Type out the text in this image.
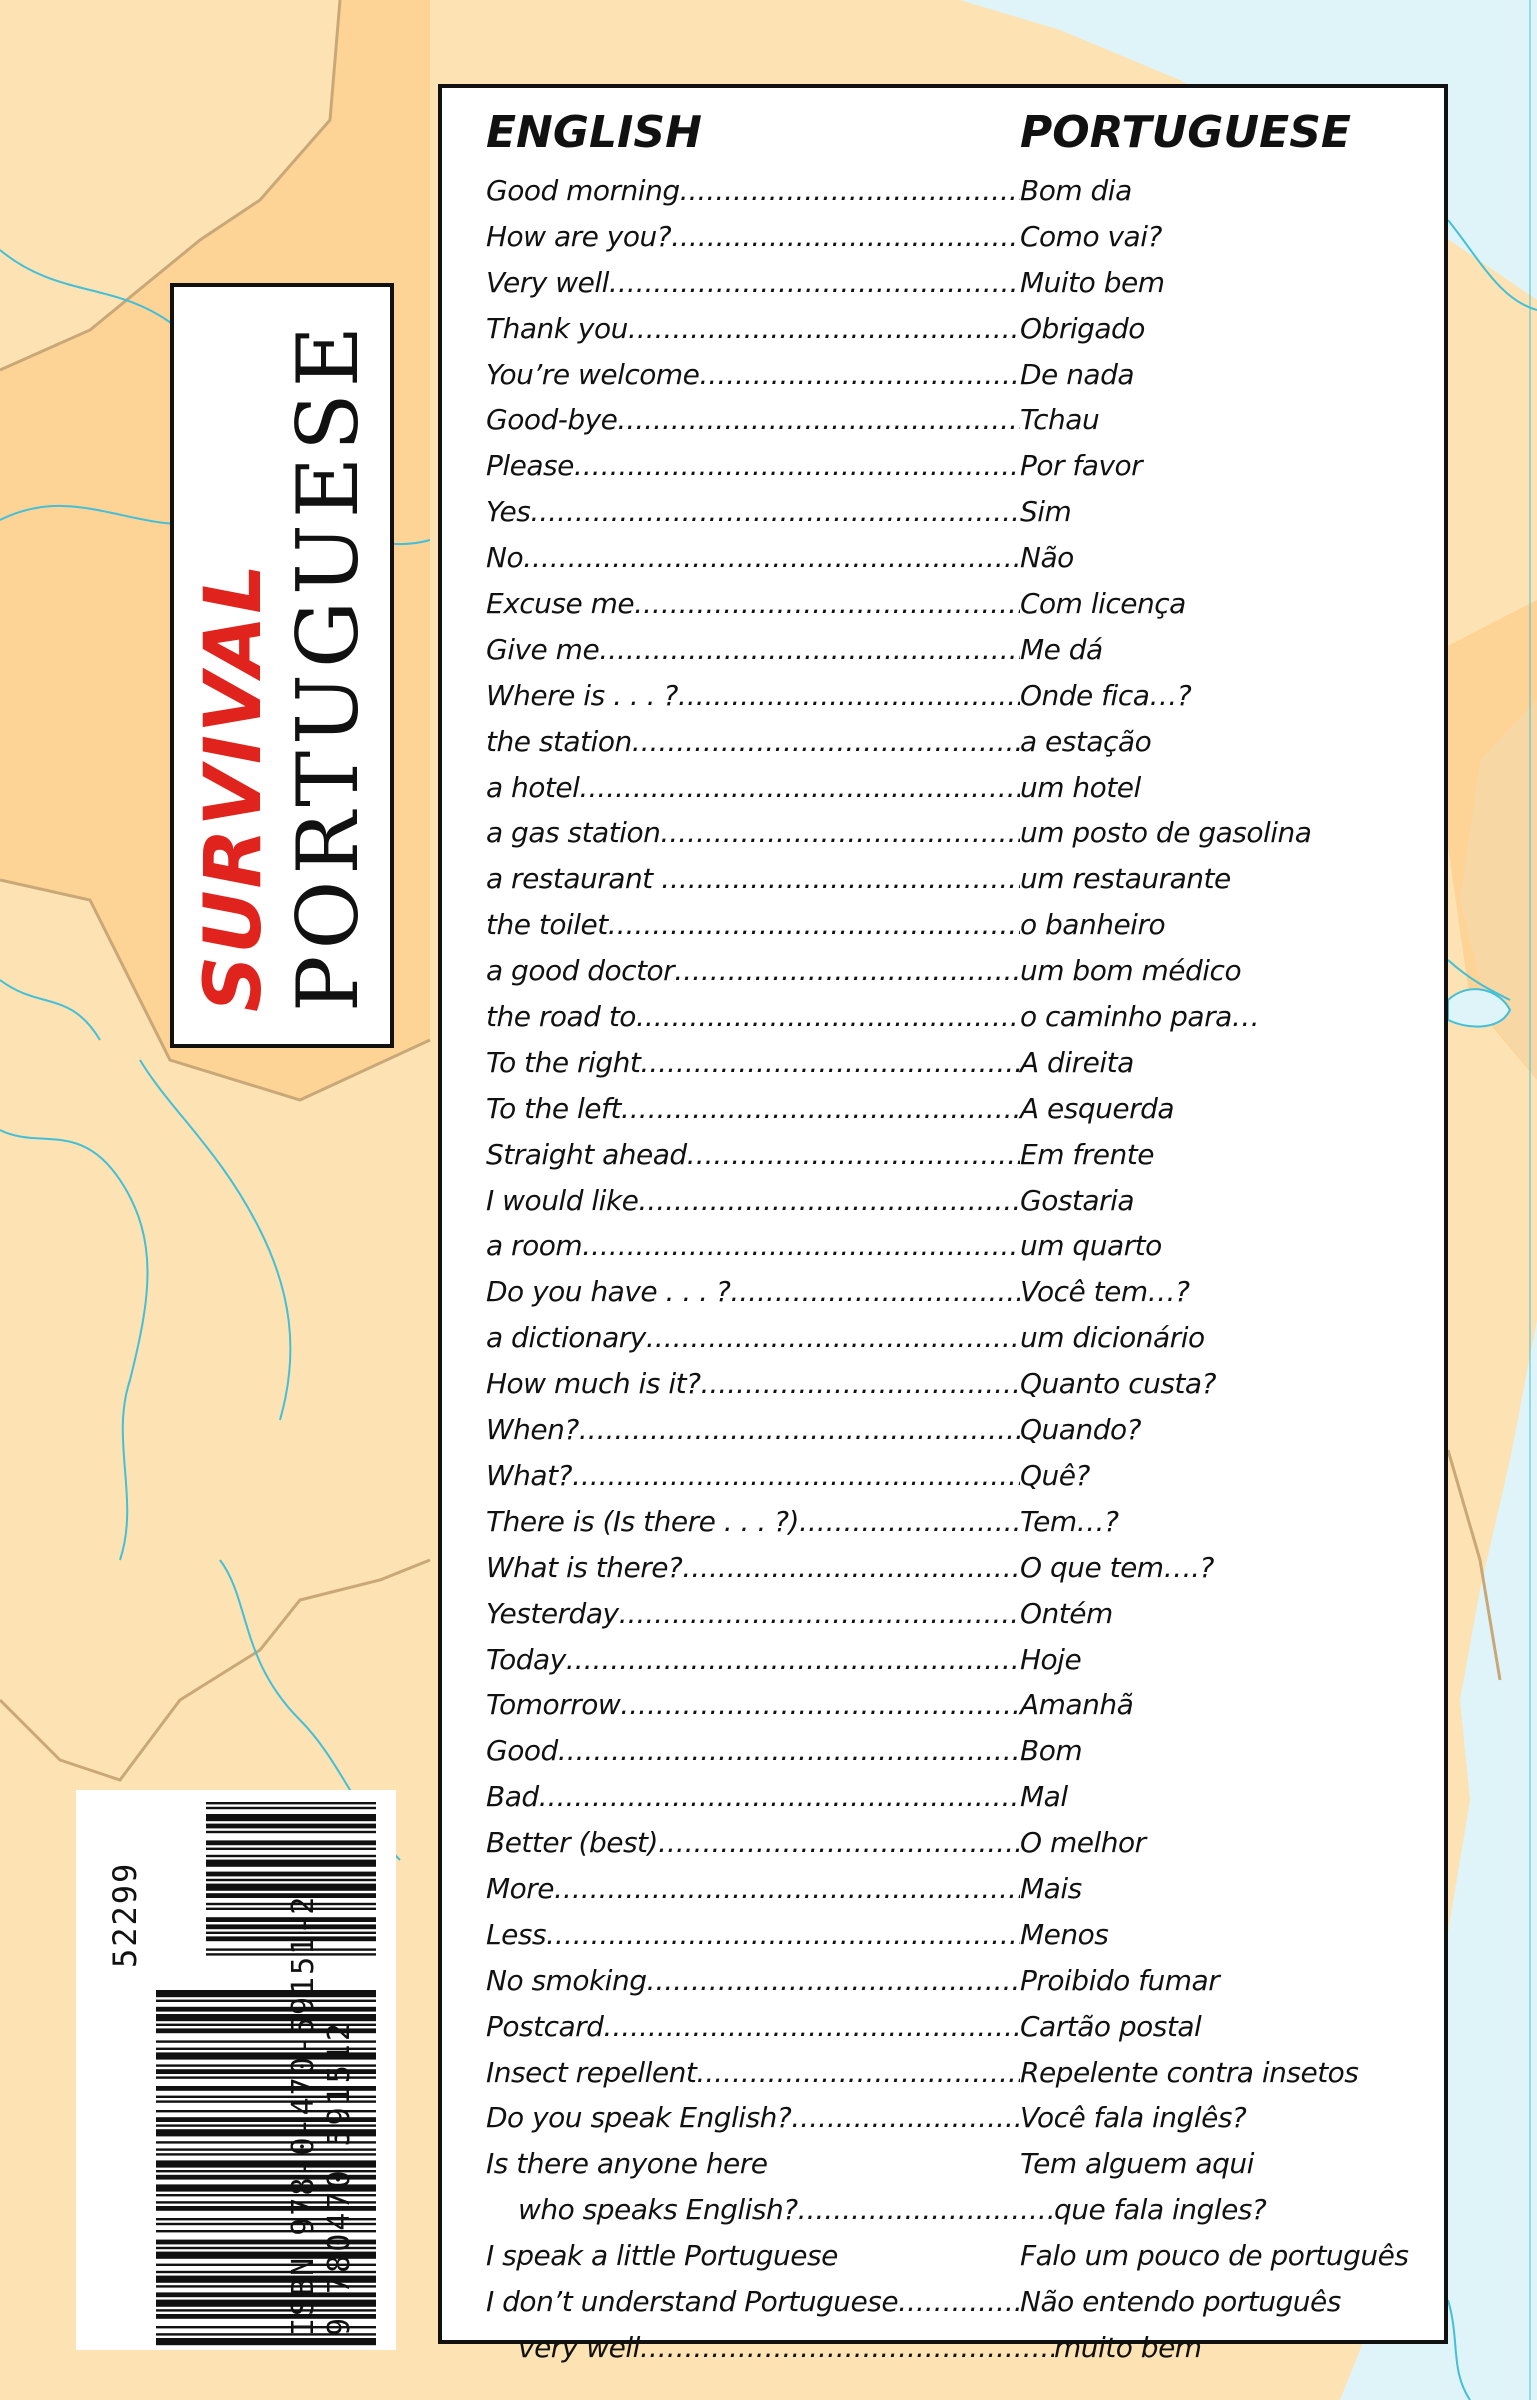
SURVIVAL PORTUGUESE
ENGLISH	PORTUGUESE
Good morning .....	Bom dia
How are you? .....	Como vai?
Very well .....	Muito bem
Thank you .....	Obrigado
You’re welcome .....	De nada
Good-bye .....	Tchau
Please .....	Por favor
Yes .....	Sim
No .....	Não
Excuse me .....	Com licença
Give me .....	Me dá
Where is . . . ? .....	Onde fica…?
the station .....	a estação
a hotel .....	um hotel
a gas station .....	um posto de gasolina
a restaurant .....	um restaurante
the toilet .....	o banheiro
a good doctor .....	um bom médico
the road to .....	o caminho para…
To the right .....	A direita
To the left .....	A esquerda
Straight ahead .....	Em frente
I would like .....	Gostaria
a room .....	um quarto
Do you have . . . ? .....	Você tem…?
a dictionary .....	um dicionário
How much is it? .....	Quanto custa?
When? .....	Quando?
What? .....	Quê?
There is (Is there . . . ?) .....	Tem…?
What is there? .....	O que tem….?
Yesterday .....	Ontém
Today .....	Hoje
Tomorrow .....	Amanhã
Good .....	Bom
Bad .....	Mal
Better (best) .....	O melhor
More .....	Mais
Less .....	Menos
No smoking .....	Proibido fumar
Postcard .....	Cartão postal
Insect repellent .....	Repelente contra insetos
Do you speak English? .....	Você fala inglês?
Is there anyone here	Tem alguem aqui
who speaks English? .....	que fala ingles?
I speak a little Portuguese	Falo um pouco de português
I don’t understand Portuguese .....	Não entendo português
very well .....	muito bem
ISBN 978-0-470-59151-2 9 780470 591512
52299
